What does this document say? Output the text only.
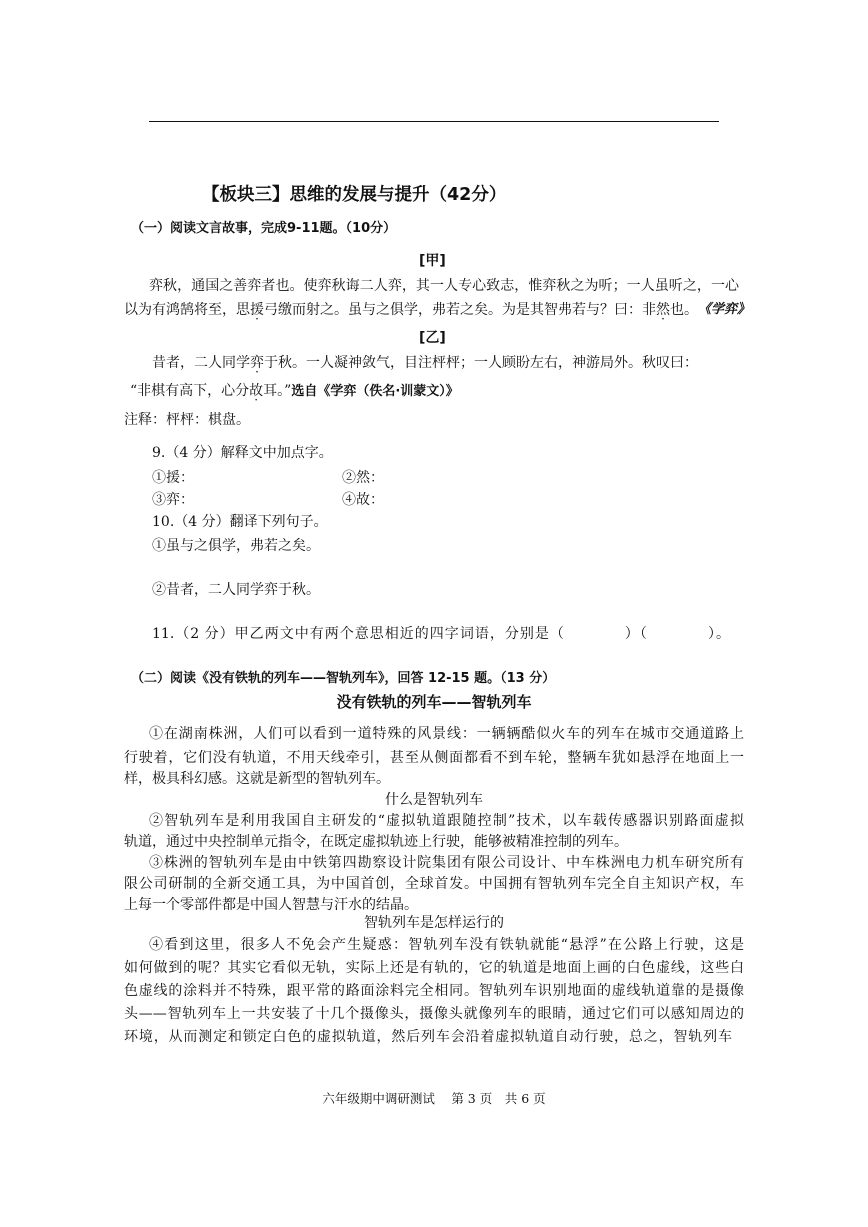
【板块三】思维的发展与提升（42分）
（一）阅读文言故事，完成9-11题。（10分）
[甲]
弈秋，通国之善弈者也。使弈秋诲二人弈，其一人专心致志，惟弈秋之为听；一人虽听之，一心
以为有鸿鹄将至，思援弓缴而射之。虽与之俱学，弗若之矣。为是其智弗若与？曰：非然也。 《学弈》
[乙]
昔者，二人同学弈于秋。一人凝神敛气，目注枰枰；一人顾盼左右，神游局外。秋叹曰：
“非棋有高下，心分故耳。”选自《学弈（佚名·训蒙文）》
注释：枰枰：棋盘。
9.（4 分）解释文中加点字。
①援：	②然：
③弈：	④故：
10.（4 分）翻译下列句子。
①虽与之俱学，弗若之矣。
②昔者，二人同学弈于秋。
11.（2 分）甲乙两文中有两个意思相近的四字词语，分别是（　　　　）（　　　　）。
（二）阅读《没有铁轨的列车——智轨列车》，回答 12-15 题。（13 分）
没有铁轨的列车——智轨列车
①在湖南株洲，人们可以看到一道特殊的风景线：一辆辆酷似火车的列车在城市交通道路上
行驶着，它们没有轨道，不用天线牵引，甚至从侧面都看不到车轮，整辆车犹如悬浮在地面上一
样，极具科幻感。这就是新型的智轨列车。
什么是智轨列车
②智轨列车是利用我国自主研发的“虚拟轨道跟随控制”技术，以车载传感器识别路面虚拟
轨道，通过中央控制单元指令，在既定虚拟轨迹上行驶，能够被精准控制的列车。
③株洲的智轨列车是由中铁第四勘察设计院集团有限公司设计、中车株洲电力机车研究所有
限公司研制的全新交通工具，为中国首创，全球首发。中国拥有智轨列车完全自主知识产权，车
上每一个零部件都是中国人智慧与汗水的结晶。
智轨列车是怎样运行的
④看到这里，很多人不免会产生疑惑：智轨列车没有铁轨就能“悬浮”在公路上行驶，这是
如何做到的呢？其实它看似无轨，实际上还是有轨的，它的轨道是地面上画的白色虚线，这些白
色虚线的涂料并不特殊，跟平常的路面涂料完全相同。智轨列车识别地面的虚线轨道靠的是摄像
头——智轨列车上一共安装了十几个摄像头，摄像头就像列车的眼睛，通过它们可以感知周边的
环境，从而测定和锁定白色的虚拟轨道，然后列车会沿着虚拟轨道自动行驶，总之，智轨列车
六年级期中调研测试　 第 3 页　共 6 页
